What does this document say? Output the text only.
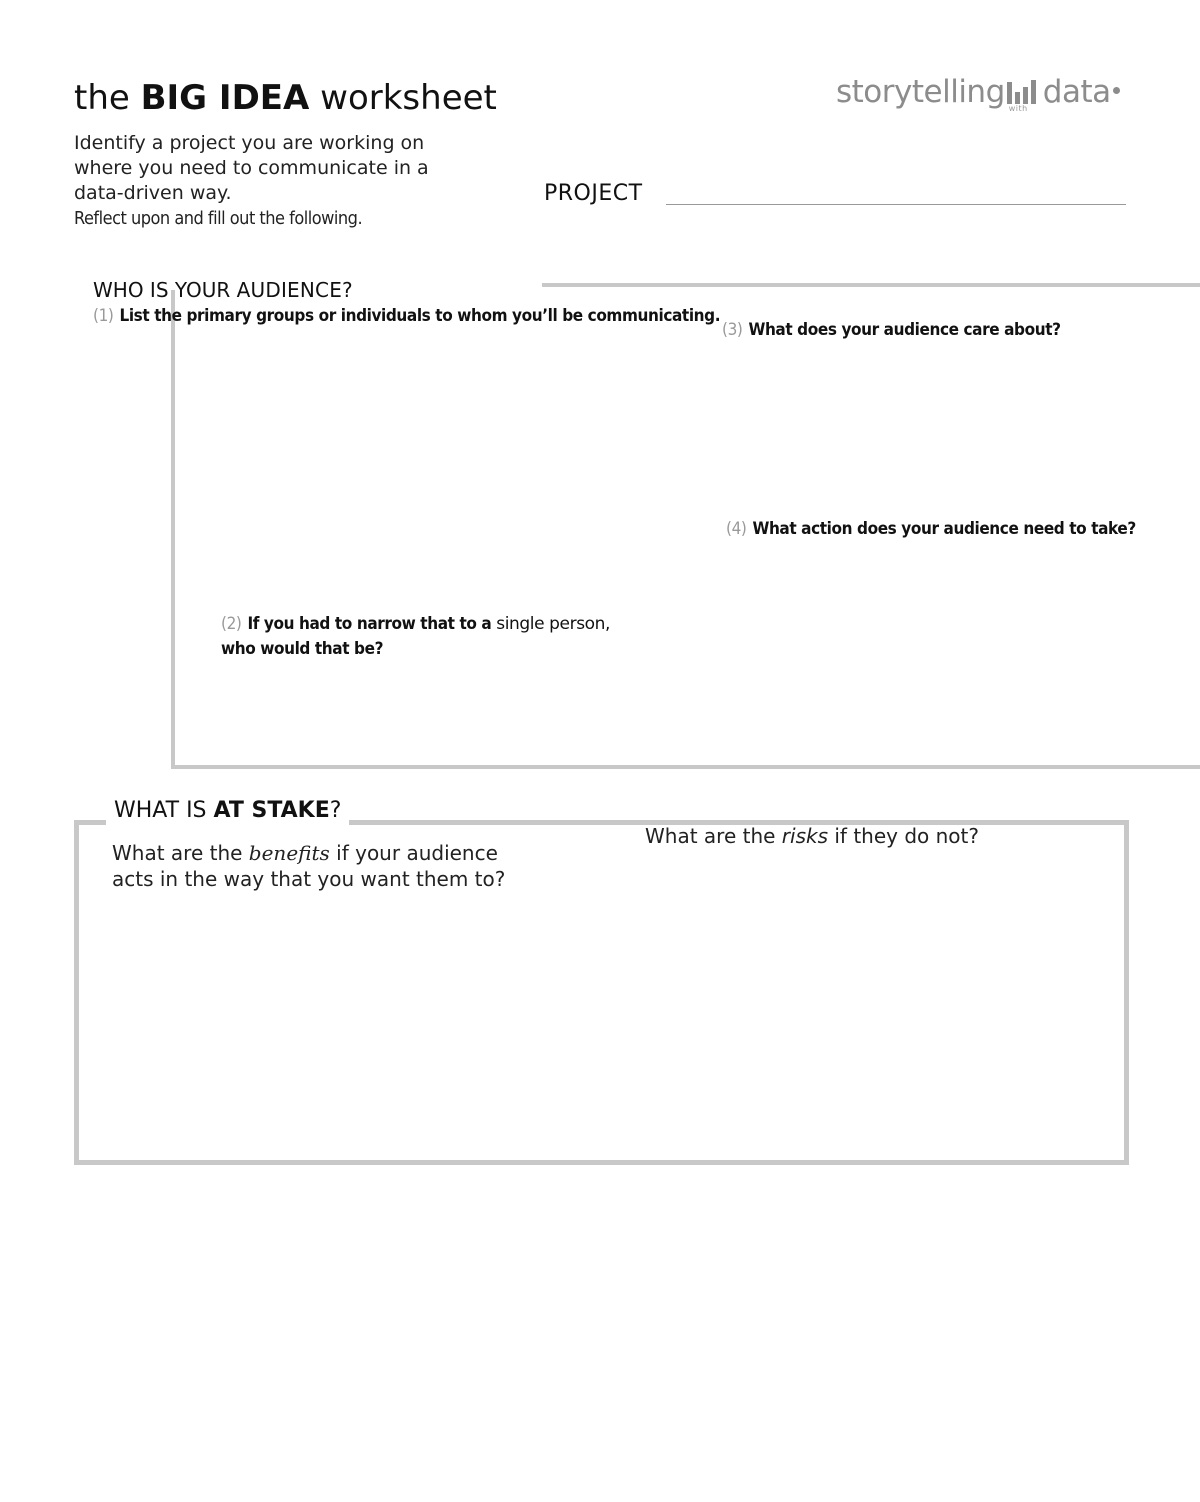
the BIG IDEA worksheet
Identify a project you are working on
where you need to communicate in a
data-driven way.
Reflect upon and fill out the following.
storytelling with data
PROJECT
WHO IS YOUR AUDIENCE?
(1) List the primary groups or individuals to whom you’ll be communicating.
(3) What does your audience care about?
(4) What action does your audience need to take?
(2) If you had to narrow that to a single person,
who would that be?
WHAT IS AT STAKE?
What are the benefits if your audience acts in the way that you want them to?
What are the risks if they do not?
